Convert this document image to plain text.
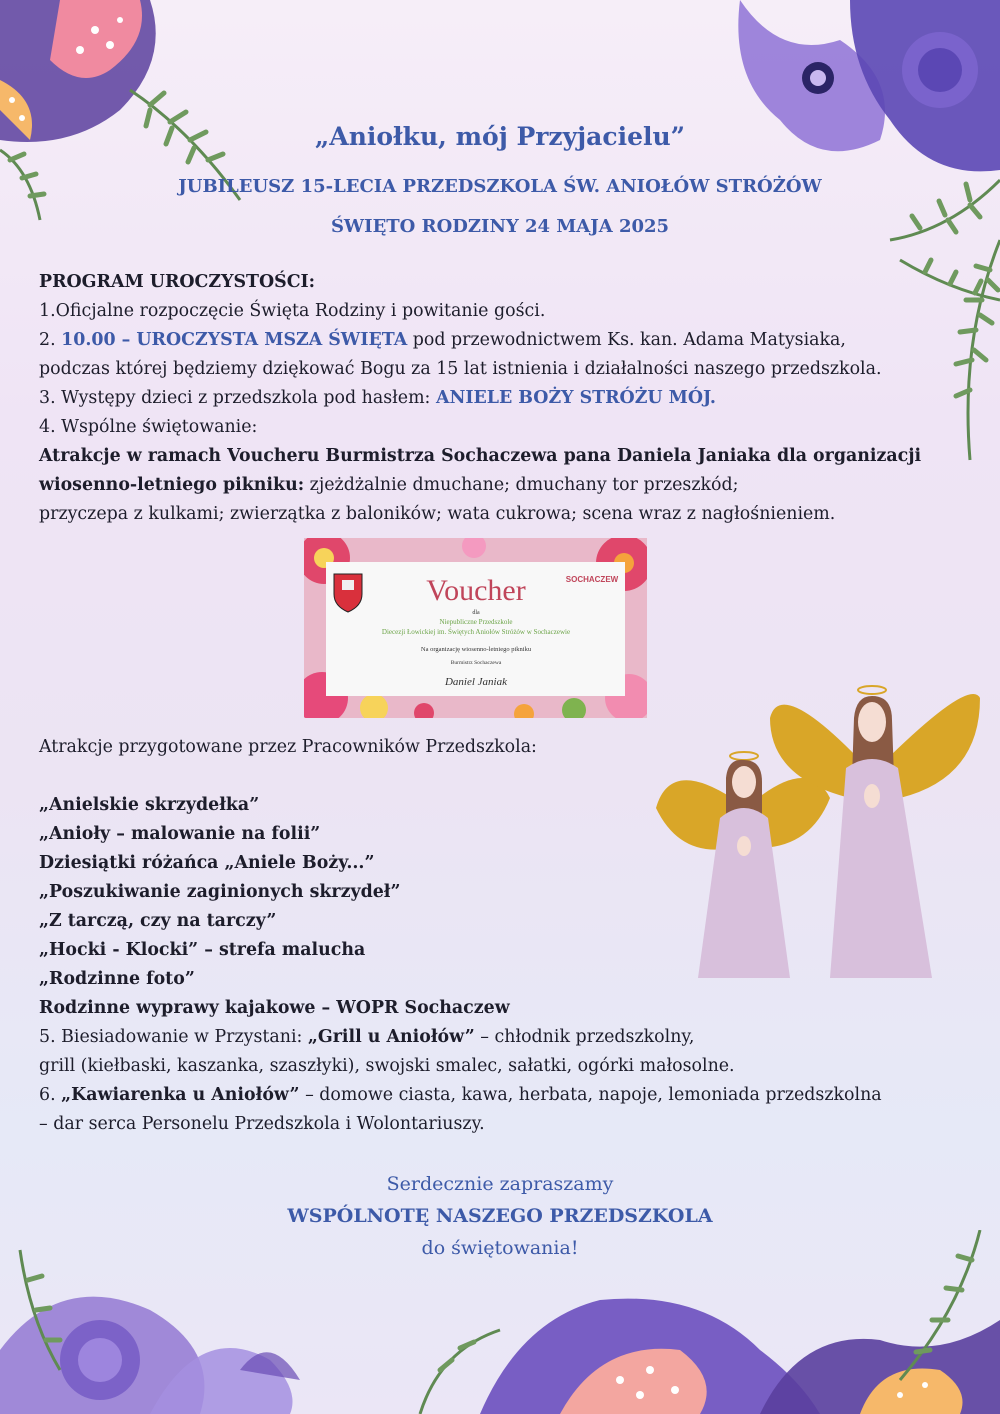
„Aniołku, mój Przyjacielu”
JUBILEUSZ 15-LECIA PRZEDSZKOLA ŚW. ANIOŁÓW STRÓŻÓW
ŚWIĘTO RODZINY 24 MAJA 2025
PROGRAM UROCZYSTOŚCI:
1.Oficjalne rozpoczęcie Święta Rodziny i powitanie gości.
2. 10.00 – UROCZYSTA MSZA ŚWIĘTA pod przewodnictwem Ks. kan. Adama Matysiaka,
podczas której będziemy dziękować Bogu za 15 lat istnienia i działalności naszego przedszkola.
3. Występy dzieci z przedszkola pod hasłem: ANIELE BOŻY STRÓŻU MÓJ.
4. Wspólne świętowanie:
Atrakcje w ramach Voucheru Burmistrza Sochaczewa pana Daniela Janiaka dla organizacji
wiosenno-letniego pikniku: zjeżdżalnie dmuchane; dmuchany tor przeszkód;
przyczepa z kulkami; zwierzątka z baloników; wata cukrowa; scena wraz z nagłośnieniem.
Voucher	SOCHACZEW
dla
Niepubliczne Przedszkole
Diecezji Łowickiej im. Świętych Aniołów Stróżów w Sochaczewie
Na organizację wiosenno-letniego pikniku
Burmistrz Sochaczewa
Daniel Janiak
Atrakcje przygotowane przez Pracowników Przedszkola:

„Anielskie skrzydełka”
„Anioły – malowanie na folii”
Dziesiątki różańca „Aniele Boży...”
„Poszukiwanie zaginionych skrzydeł”
„Z tarczą, czy na tarczy”
„Hocki - Klocki” – strefa malucha
„Rodzinne foto”
Rodzinne wyprawy kajakowe – WOPR Sochaczew
5. Biesiadowanie w Przystani: „Grill u Aniołów” – chłodnik przedszkolny,
grill (kiełbaski, kaszanka, szaszłyki), swojski smalec, sałatki, ogórki małosolne.
6. „Kawiarenka u Aniołów” – domowe ciasta, kawa, herbata, napoje, lemoniada przedszkolna
– dar serca Personelu Przedszkola i Wolontariuszy.
Serdecznie zapraszamy
WSPÓLNOTĘ NASZEGO PRZEDSZKOLA
do świętowania!
